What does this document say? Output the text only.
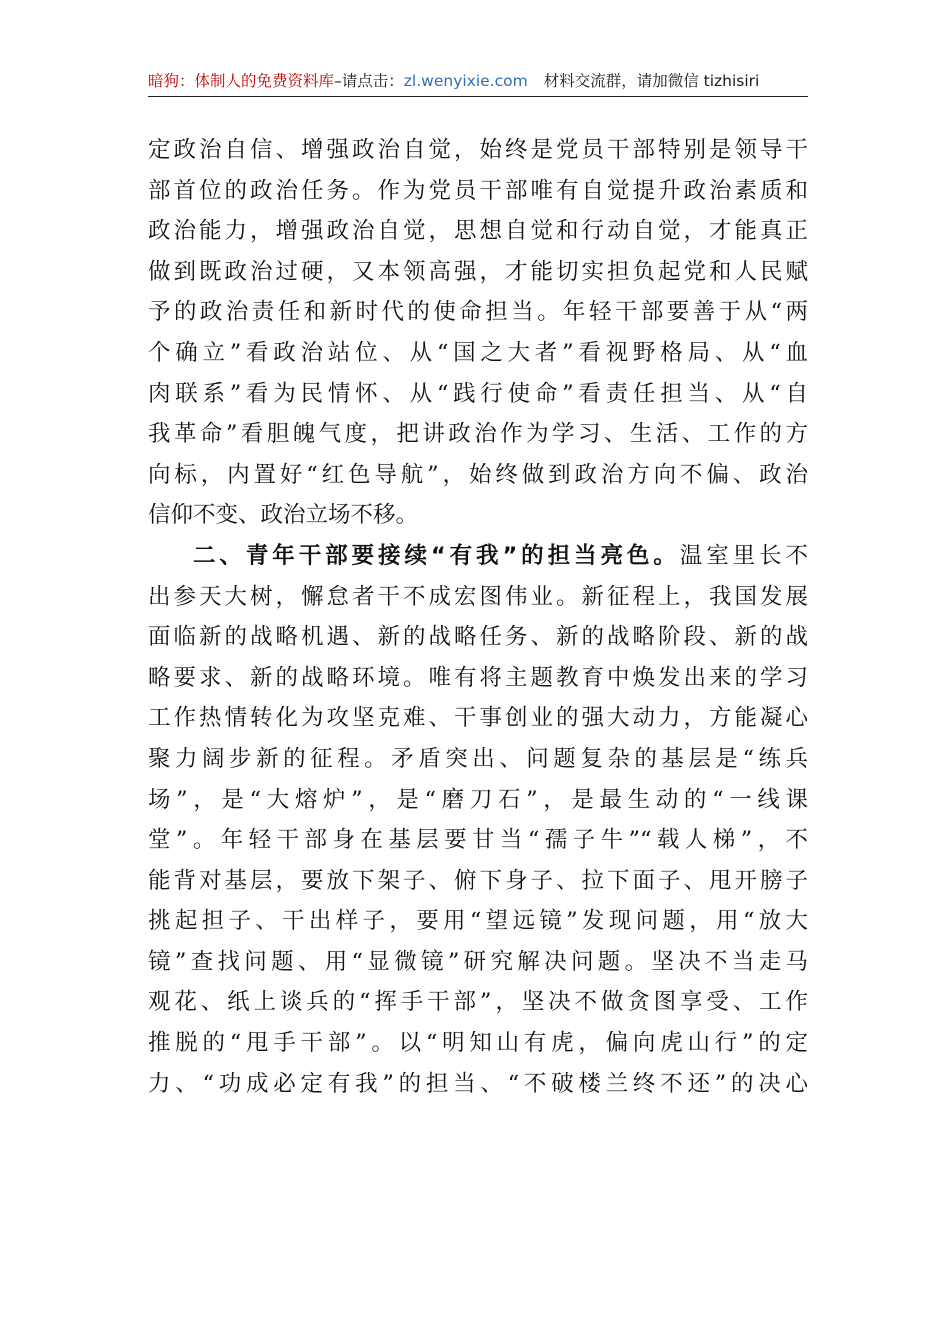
暗狗：体制人的免费资料库–请点击：zl.wenyixie.com 材料交流群，请加微信 tizhisiri
定政治自信、增强政治自觉，始终是党员干部特别是领导干
部首位的政治任务。作为党员干部唯有自觉提升政治素质和
政治能力，增强政治自觉，思想自觉和行动自觉，才能真正
做到既政治过硬，又本领高强，才能切实担负起党和人民赋
予的政治责任和新时代的使命担当。年轻干部要善于从“两
个确立”看政治站位、从“国之大者”看视野格局、从“血
肉联系”看为民情怀、从“践行使命”看责任担当、从“自
我革命”看胆魄气度，把讲政治作为学习、生活、工作的方
向标，内置好“红色导航”，始终做到政治方向不偏、政治
信仰不变、政治立场不移。
二、青年干部要接续“有我”的担当亮色。温室里长不
出参天大树，懈怠者干不成宏图伟业。新征程上，我国发展
面临新的战略机遇、新的战略任务、新的战略阶段、新的战
略要求、新的战略环境。唯有将主题教育中焕发出来的学习
工作热情转化为攻坚克难、干事创业的强大动力，方能凝心
聚力阔步新的征程。矛盾突出、问题复杂的基层是“练兵
场”，是“大熔炉”，是“磨刀石”，是最生动的“一线课
堂”。年轻干部身在基层要甘当“孺子牛”“载人梯”，不
能背对基层，要放下架子、俯下身子、拉下面子、甩开膀子
挑起担子、干出样子，要用“望远镜”发现问题，用“放大
镜”查找问题、用“显微镜”研究解决问题。坚决不当走马
观花、纸上谈兵的“挥手干部”，坚决不做贪图享受、工作
推脱的“甩手干部”。以“明知山有虎，偏向虎山行”的定
力、“功成必定有我”的担当、“不破楼兰终不还”的决心
